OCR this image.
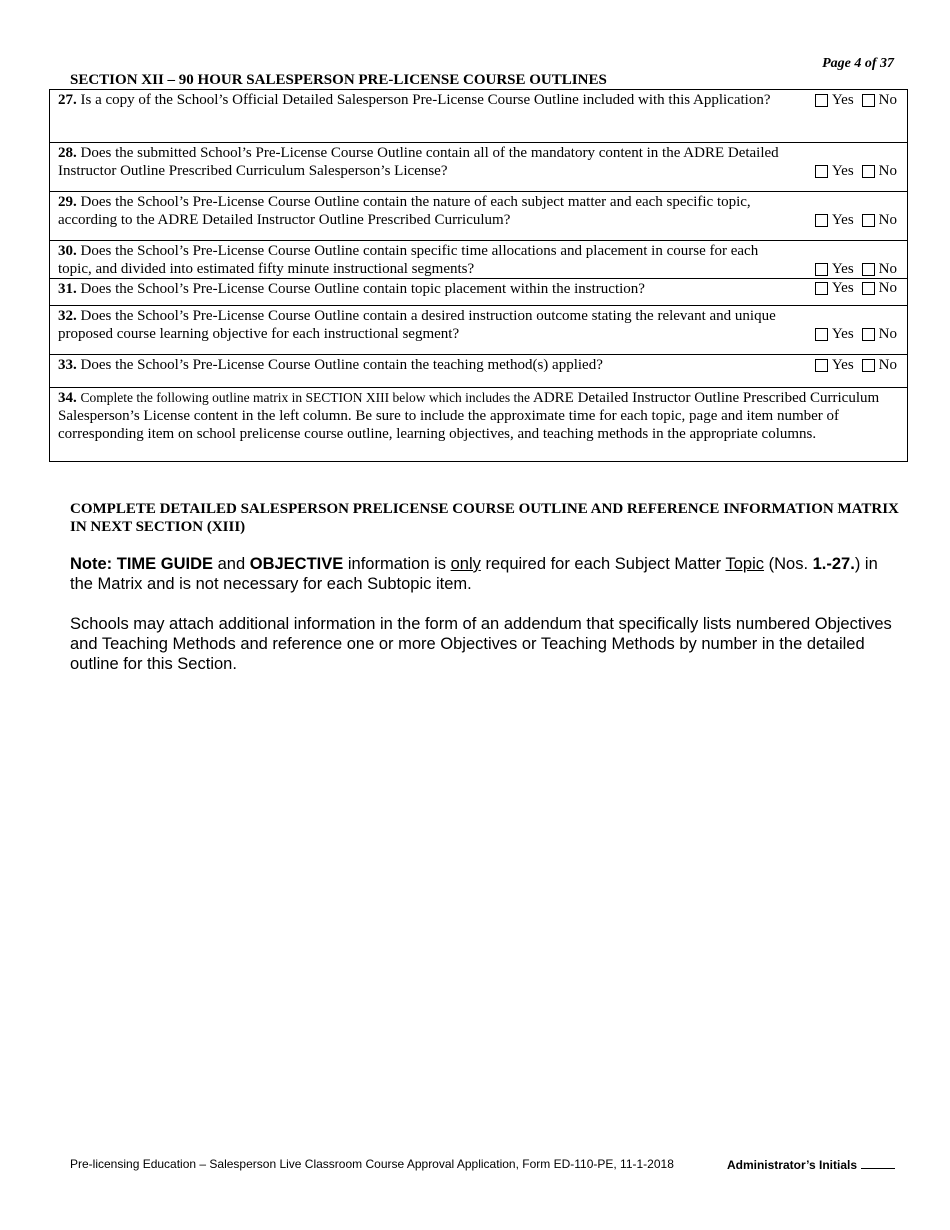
Page 4 of 37
SECTION XII – 90 HOUR SALESPERSON PRE-LICENSE COURSE OUTLINES
27. Is a copy of the School’s Official Detailed Salesperson Pre-License Course Outline included with this Application?	Yes No
28. Does the submitted School’s Pre-License Course Outline contain all of the mandatory content in the ADRE Detailed Instructor Outline Prescribed Curriculum Salesperson’s License?	Yes No
29. Does the School’s Pre-License Course Outline contain the nature of each subject matter and each specific topic, according to the ADRE Detailed Instructor Outline Prescribed Curriculum?	Yes No
30. Does the School’s Pre-License Course Outline contain specific time allocations and placement in course for each topic, and divided into estimated fifty minute instructional segments?	Yes No
31. Does the School’s Pre-License Course Outline contain topic placement within the instruction?	Yes No
32. Does the School’s Pre-License Course Outline contain a desired instruction outcome stating the relevant and unique proposed course learning objective for each instructional segment?	Yes No
33. Does the School’s Pre-License Course Outline contain the teaching method(s) applied?	Yes No
34. Complete the following outline matrix in SECTION XIII below which includes the ADRE Detailed Instructor Outline Prescribed Curriculum Salesperson’s License content in the left column. Be sure to include the approximate time for each topic, page and item number of corresponding item on school prelicense course outline, learning objectives, and teaching methods in the appropriate columns.
COMPLETE DETAILED SALESPERSON PRELICENSE COURSE OUTLINE AND REFERENCE INFORMATION MATRIX IN NEXT SECTION (XIII)
Note: TIME GUIDE and OBJECTIVE information is only required for each Subject Matter Topic (Nos. 1.-27.) in the Matrix and is not necessary for each Subtopic item.
Schools may attach additional information in the form of an addendum that specifically lists numbered Objectives and Teaching Methods and reference one or more Objectives or Teaching Methods by number in the detailed outline for this Section.
Pre-licensing Education – Salesperson Live Classroom Course Approval Application, Form ED-110-PE, 11-1-2018	Administrator’s Initials
